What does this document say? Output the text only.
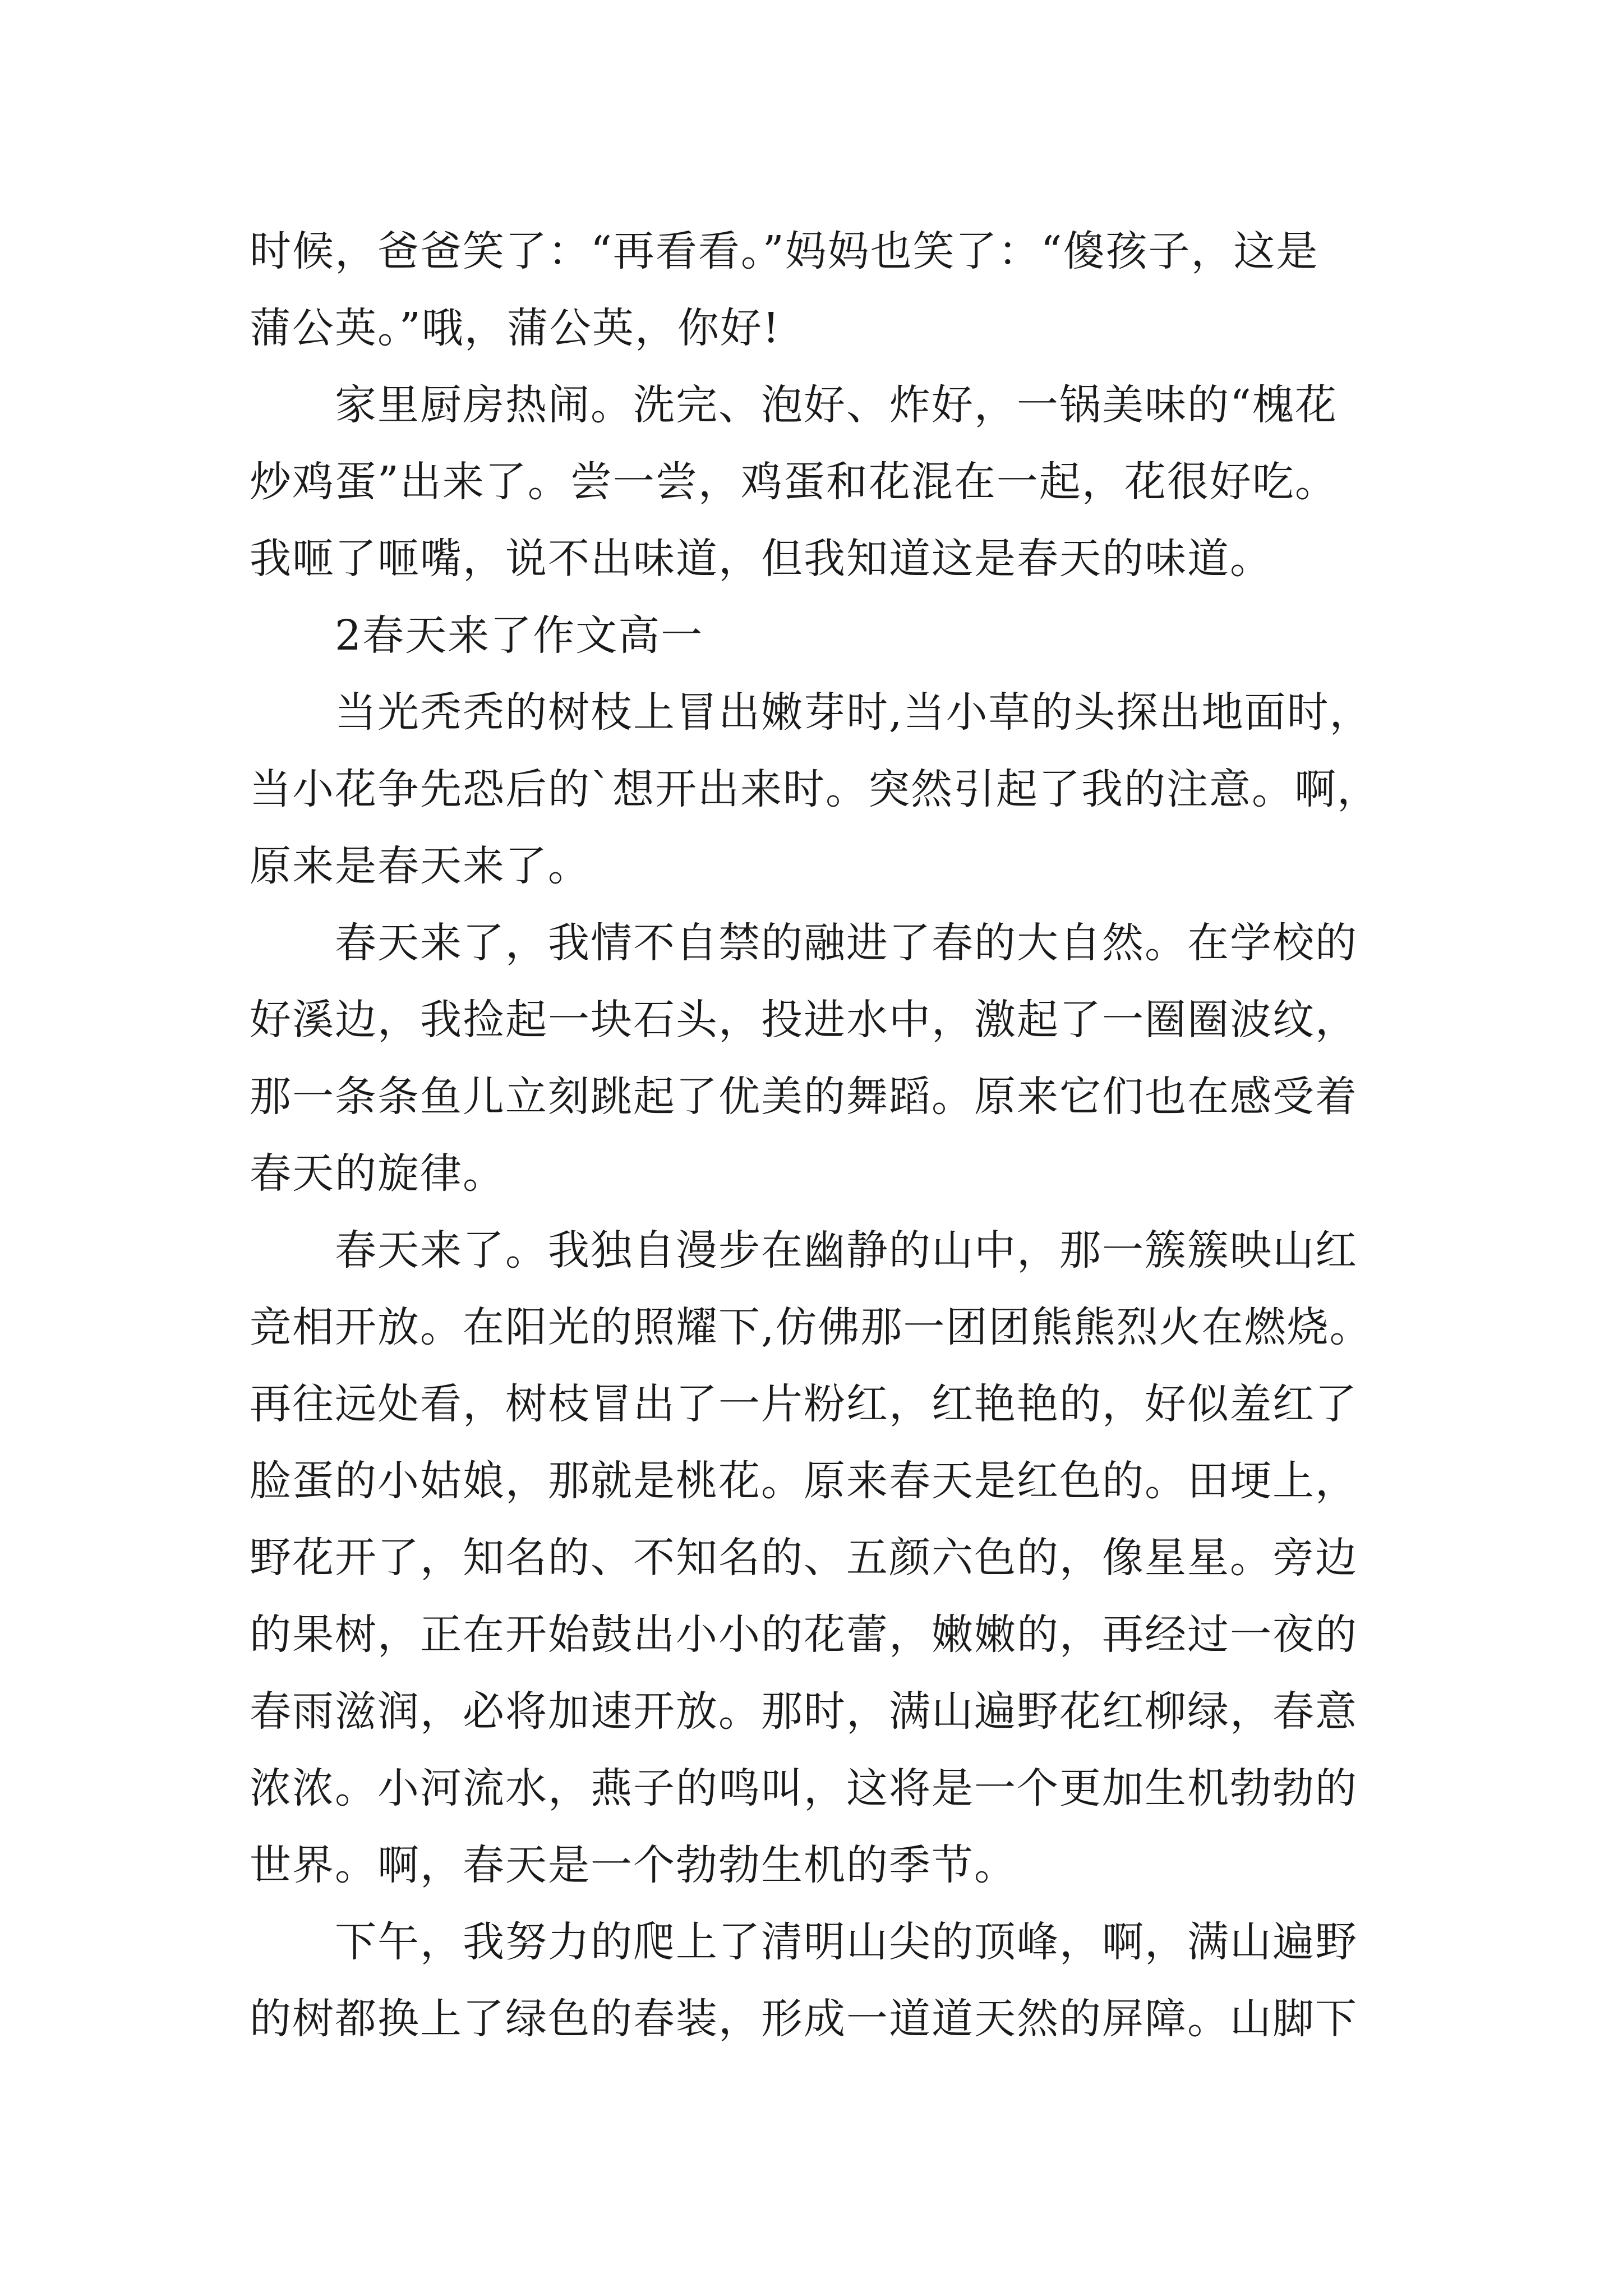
时候，爸爸笑了：“再看看。”妈妈也笑了：“傻孩子，这是
蒲公英。”哦，蒲公英，你好!
家里厨房热闹。洗完、泡好、炸好，一锅美味的“槐花
炒鸡蛋”出来了。尝一尝，鸡蛋和花混在一起，花很好吃。
我咂了咂嘴，说不出味道，但我知道这是春天的味道。
2春天来了作文高一
当光秃秃的树枝上冒出嫩芽时,当小草的头探出地面时，
当小花争先恐后的`想开出来时。突然引起了我的注意。啊，
原来是春天来了。
春天来了，我情不自禁的融进了春的大自然。在学校的
好溪边，我捡起一块石头，投进水中，激起了一圈圈波纹，
那一条条鱼儿立刻跳起了优美的舞蹈。原来它们也在感受着
春天的旋律。
春天来了。我独自漫步在幽静的山中，那一簇簇映山红
竞相开放。在阳光的照耀下,仿佛那一团团熊熊烈火在燃烧。
再往远处看，树枝冒出了一片粉红，红艳艳的，好似羞红了
脸蛋的小姑娘，那就是桃花。原来春天是红色的。田埂上，
野花开了，知名的、不知名的、五颜六色的，像星星。旁边
的果树，正在开始鼓出小小的花蕾，嫩嫩的，再经过一夜的
春雨滋润，必将加速开放。那时，满山遍野花红柳绿，春意
浓浓。小河流水，燕子的鸣叫，这将是一个更加生机勃勃的
世界。啊，春天是一个勃勃生机的季节。
下午，我努力的爬上了清明山尖的顶峰，啊，满山遍野
的树都换上了绿色的春装，形成一道道天然的屏障。山脚下
